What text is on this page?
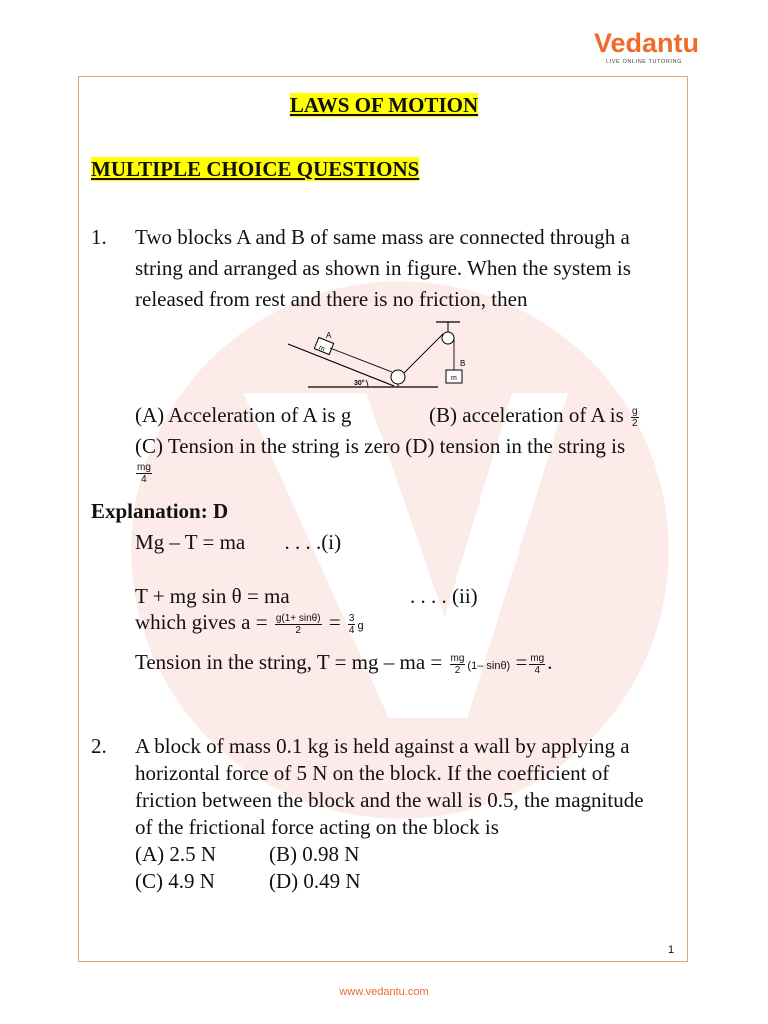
Vedantu
LIVE ONLINE TUTORING
LAWS OF MOTION
MULTIPLE CHOICE QUESTIONS
1.	Two blocks A and B of same mass are connected through a
string and arranged as shown in figure. When the system is
released from rest and there is no friction, then
m
A
30°
m
B
(A) Acceleration of A is g	(B) acceleration of A is $\frac{g}{2}$
(C) Tension in the string is zero (D) tension in the string is
$\frac{mg}{4}$
Explanation: D
Mg – T = ma . . . .(i)
T + mg sin θ = ma	. . . . (ii)
which gives $a = \frac{g(1+ \sin\theta)}{2} = \frac{3}{4}$ g
Tension in the string, T = mg – ma = $\frac{mg}{2} (1-$ $\sin\theta) = \frac{mg}{4}$ .
2.	A block of mass 0.1 kg is held against a wall by applying a
horizontal force of 5 N on the block. If the coefficient of
friction between the block and the wall is 0.5, the magnitude
of the frictional force acting on the block is
(A) 2.5 N	(B) 0.98 N
(C) 4.9 N	(D) 0.49 N
1
www.vedantu.com
